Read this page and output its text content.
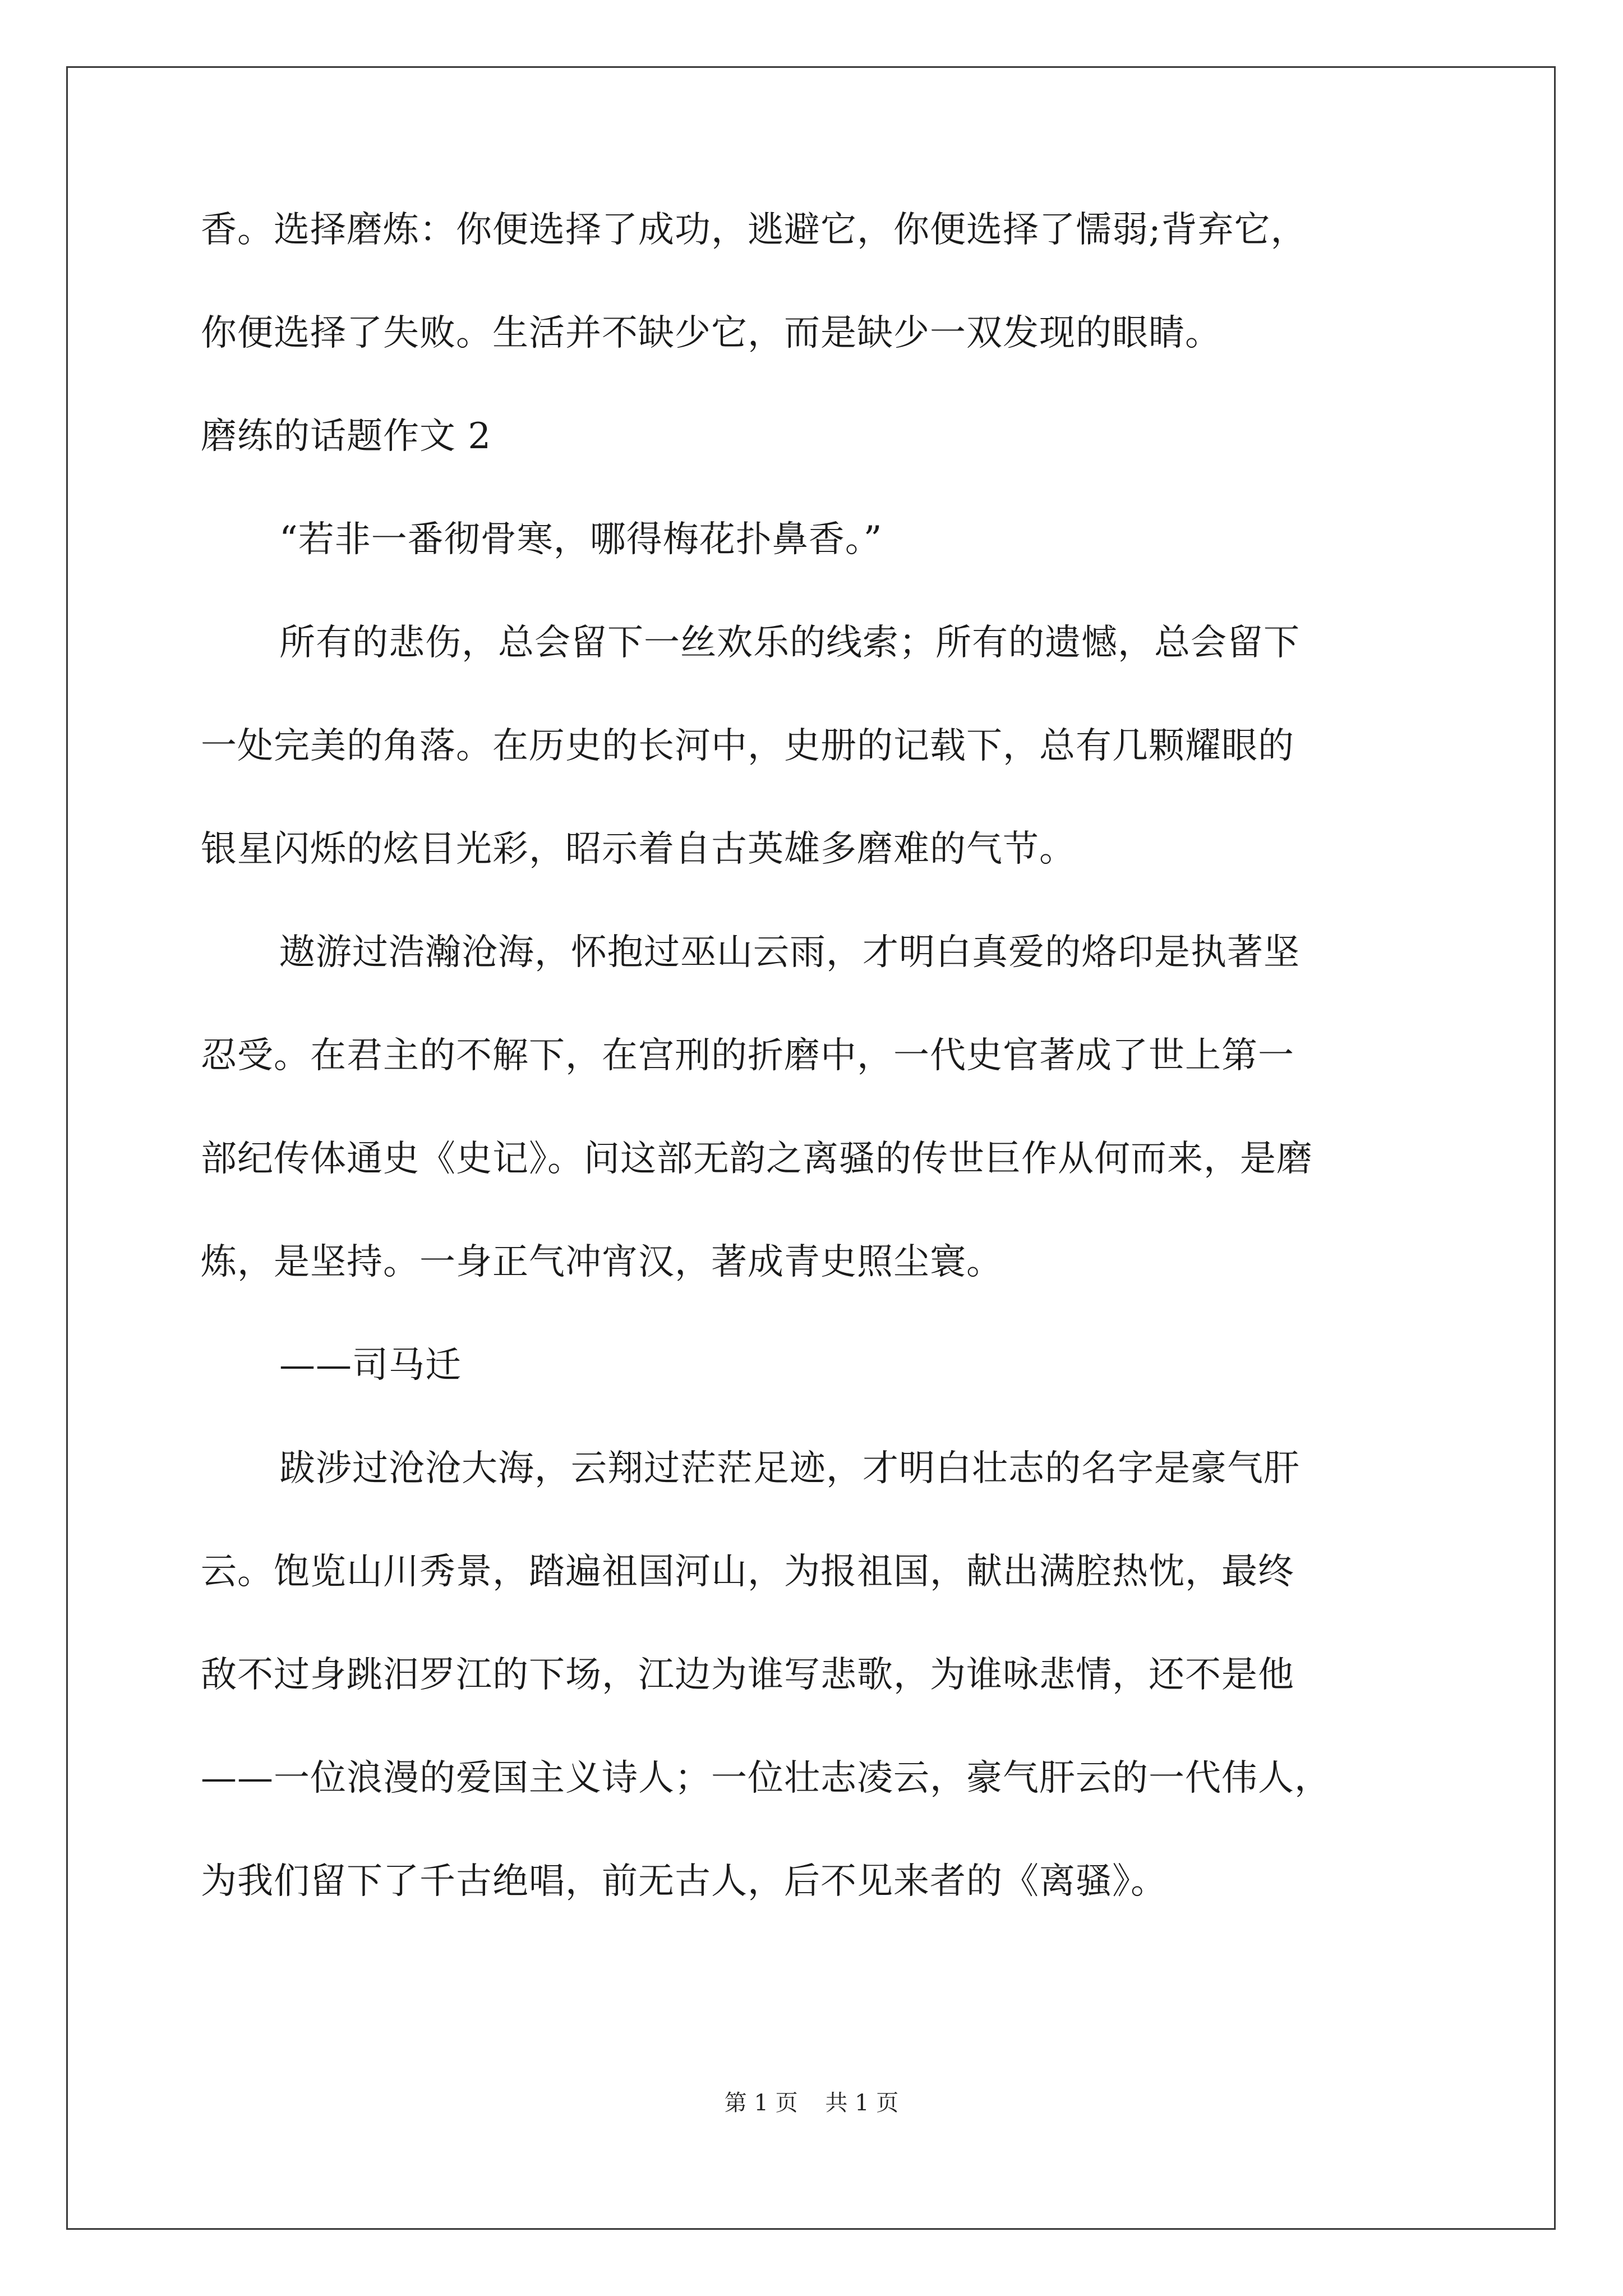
香。选择磨炼：你便选择了成功，逃避它，你便选择了懦弱;背弃它，
你便选择了失败。生活并不缺少它，而是缺少一双发现的眼睛。
磨练的话题作文 2
“若非一番彻骨寒，哪得梅花扑鼻香。”
所有的悲伤，总会留下一丝欢乐的线索；所有的遗憾，总会留下
一处完美的角落。在历史的长河中，史册的记载下，总有几颗耀眼的
银星闪烁的炫目光彩，昭示着自古英雄多磨难的气节。
遨游过浩瀚沧海，怀抱过巫山云雨，才明白真爱的烙印是执著坚
忍受。在君主的不解下，在宫刑的折磨中，一代史官著成了世上第一
部纪传体通史《史记》。问这部无韵之离骚的传世巨作从何而来，是磨
炼，是坚持。一身正气冲宵汉，著成青史照尘寰。
——司马迁
跋涉过沧沧大海，云翔过茫茫足迹，才明白壮志的名字是豪气肝
云。饱览山川秀景，踏遍祖国河山，为报祖国，献出满腔热忱，最终
敌不过身跳汨罗江的下场，江边为谁写悲歌，为谁咏悲情，还不是他
——一位浪漫的爱国主义诗人；一位壮志凌云，豪气肝云的一代伟人，
为我们留下了千古绝唱，前无古人，后不见来者的《离骚》。
第 1 页 共 1 页
